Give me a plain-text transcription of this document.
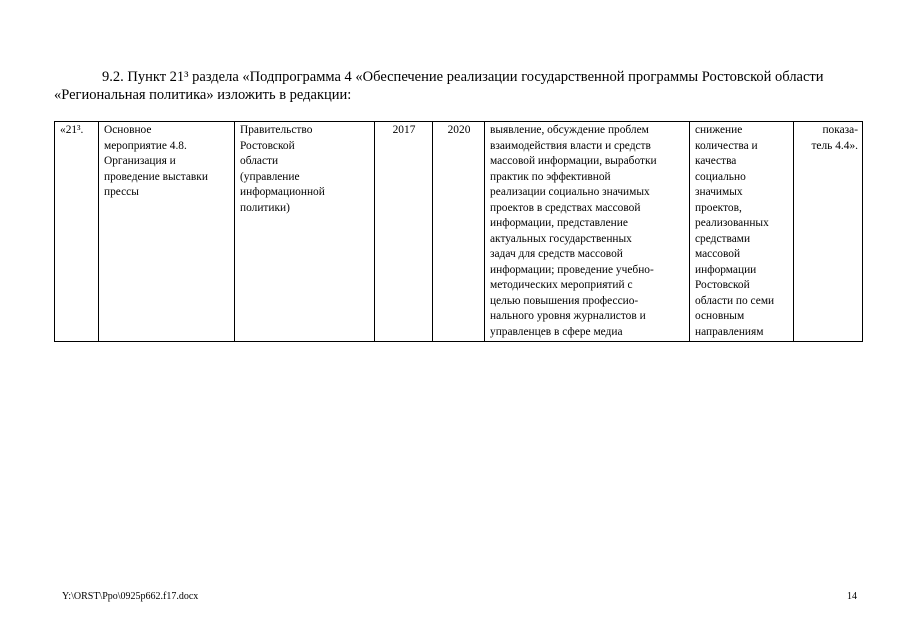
9.2. Пункт 21³ раздела «Подпрограмма 4 «Обеспечение реализации государственной программы Ростовской области
«Региональная политика» изложить в редакции:
«21³.	Основное
мероприятие 4.8.
Организация и
проведение выставки
прессы	Правительство
Ростовской
области
(управление
информационной
политики)	2017	2020	выявление, обсуждение проблем
взаимодействия власти и средств
массовой информации, выработки
практик по эффективной
реализации социально значимых
проектов в средствах массовой
информации, представление
актуальных государственных
задач для средств массовой
информации; проведение учебно-
методических мероприятий с
целью повышения профессио-
нального уровня журналистов и
управленцев в сфере медиа	снижение
количества и
качества
социально
значимых
проектов,
реализованных
средствами
массовой
информации
Ростовской
области по семи
основным
направлениям	показа-
тель 4.4».
Y:\ORST\Ppo\0925p662.f17.docx	14
